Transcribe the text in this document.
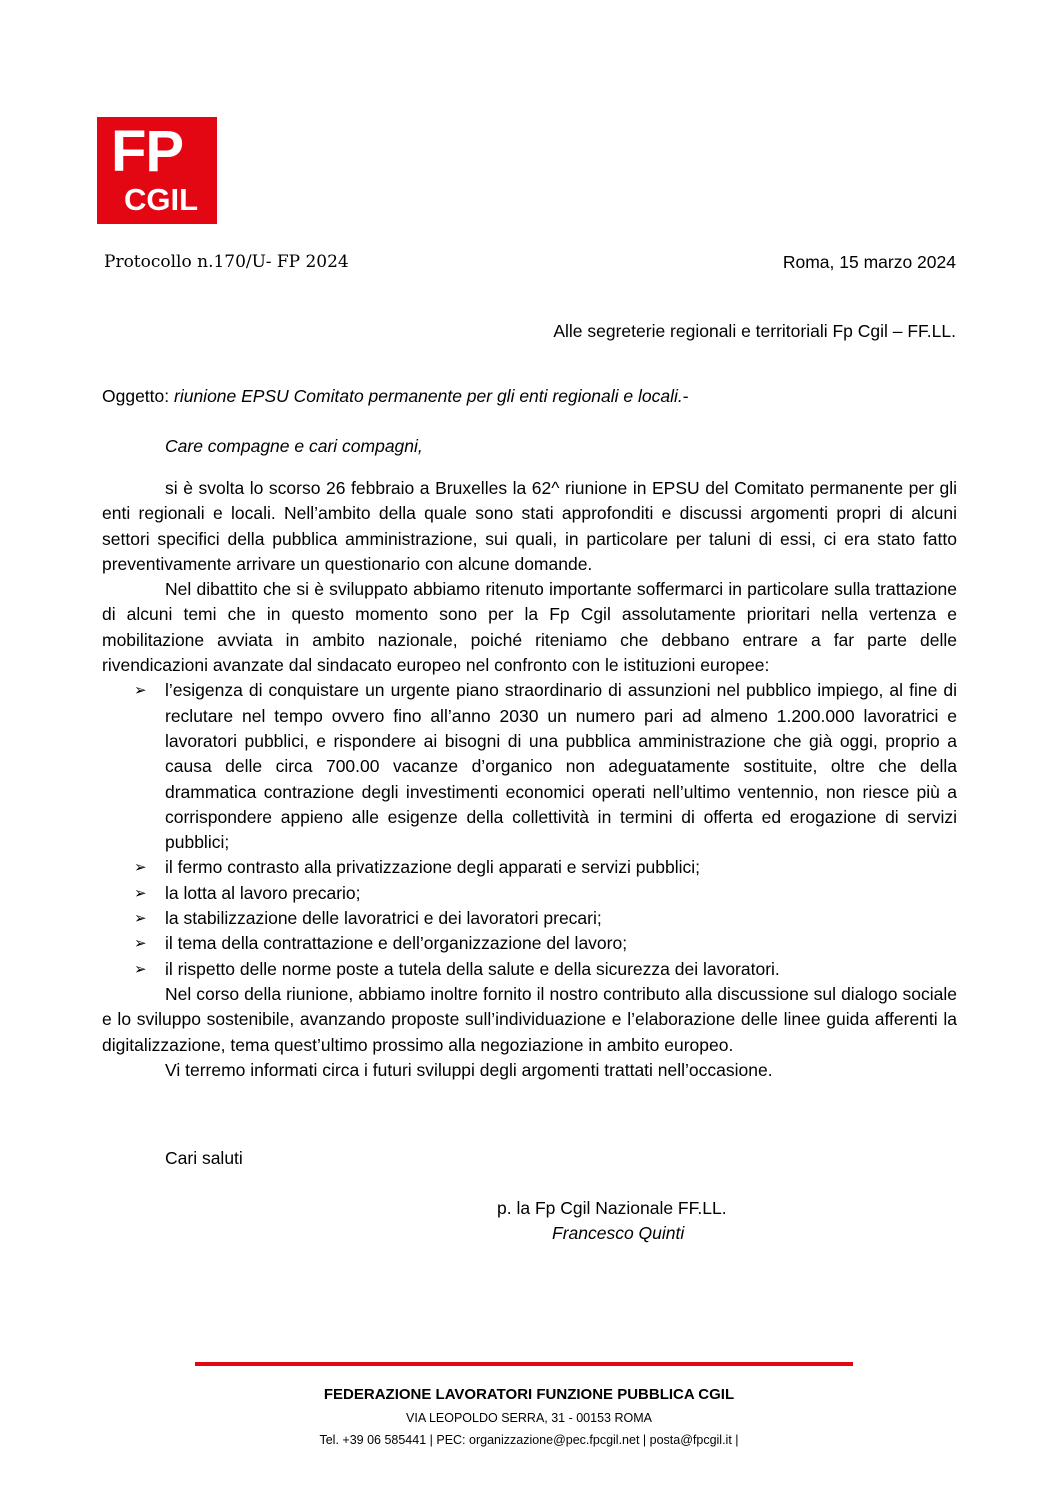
FP
CGIL
Protocollo n.170/U- FP 2024	Roma, 15 marzo 2024
Alle segreterie regionali e territoriali Fp Cgil – FF.LL.
Oggetto: riunione EPSU Comitato permanente per gli enti regionali e locali.-
Care compagne e cari compagni,

si è svolta lo scorso 26 febbraio a Bruxelles la 62^ riunione in EPSU del Comitato permanente per gli enti regionali e locali. Nell’ambito della quale sono stati approfonditi e discussi argomenti propri di alcuni settori specifici della pubblica amministrazione, sui quali, in particolare per taluni di essi, ci era stato fatto preventivamente arrivare un questionario con alcune domande.

Nel dibattito che si è sviluppato abbiamo ritenuto importante soffermarci in particolare sulla trattazione di alcuni temi che in questo momento sono per la Fp Cgil assolutamente prioritari nella vertenza e mobilitazione avviata in ambito nazionale, poiché riteniamo che debbano entrare a far parte delle rivendicazioni avanzate dal sindacato europeo nel confronto con le istituzioni europee:

➢ l’esigenza di conquistare un urgente piano straordinario di assunzioni nel pubblico impiego, al fine di reclutare nel tempo ovvero fino all’anno 2030 un numero pari ad almeno 1.200.000 lavoratrici e lavoratori pubblici, e rispondere ai bisogni di una pubblica amministrazione che già oggi, proprio a causa delle circa 700.00 vacanze d’organico non adeguatamente sostituite, oltre che della drammatica contrazione degli investimenti economici operati nell’ultimo ventennio, non riesce più a corrispondere appieno alle esigenze della collettività in termini di offerta ed erogazione di servizi pubblici;
➢ il fermo contrasto alla privatizzazione degli apparati e servizi pubblici;
➢ la lotta al lavoro precario;
➢ la stabilizzazione delle lavoratrici e dei lavoratori precari;
➢ il tema della contrattazione e dell’organizzazione del lavoro;
➢ il rispetto delle norme poste a tutela della salute e della sicurezza dei lavoratori.

Nel corso della riunione, abbiamo inoltre fornito il nostro contributo alla discussione sul dialogo sociale e lo sviluppo sostenibile, avanzando proposte sull’individuazione e l’elaborazione delle linee guida afferenti la digitalizzazione, tema quest’ultimo prossimo alla negoziazione in ambito europeo.

Vi terremo informati circa i futuri sviluppi degli argomenti trattati nell’occasione.

Cari saluti
p. la Fp Cgil Nazionale FF.LL.
Francesco Quinti
FEDERAZIONE LAVORATORI FUNZIONE PUBBLICA CGIL
VIA LEOPOLDO SERRA, 31 - 00153 ROMA
Tel. +39 06 585441 | PEC: organizzazione@pec.fpcgil.net | posta@fpcgil.it |
